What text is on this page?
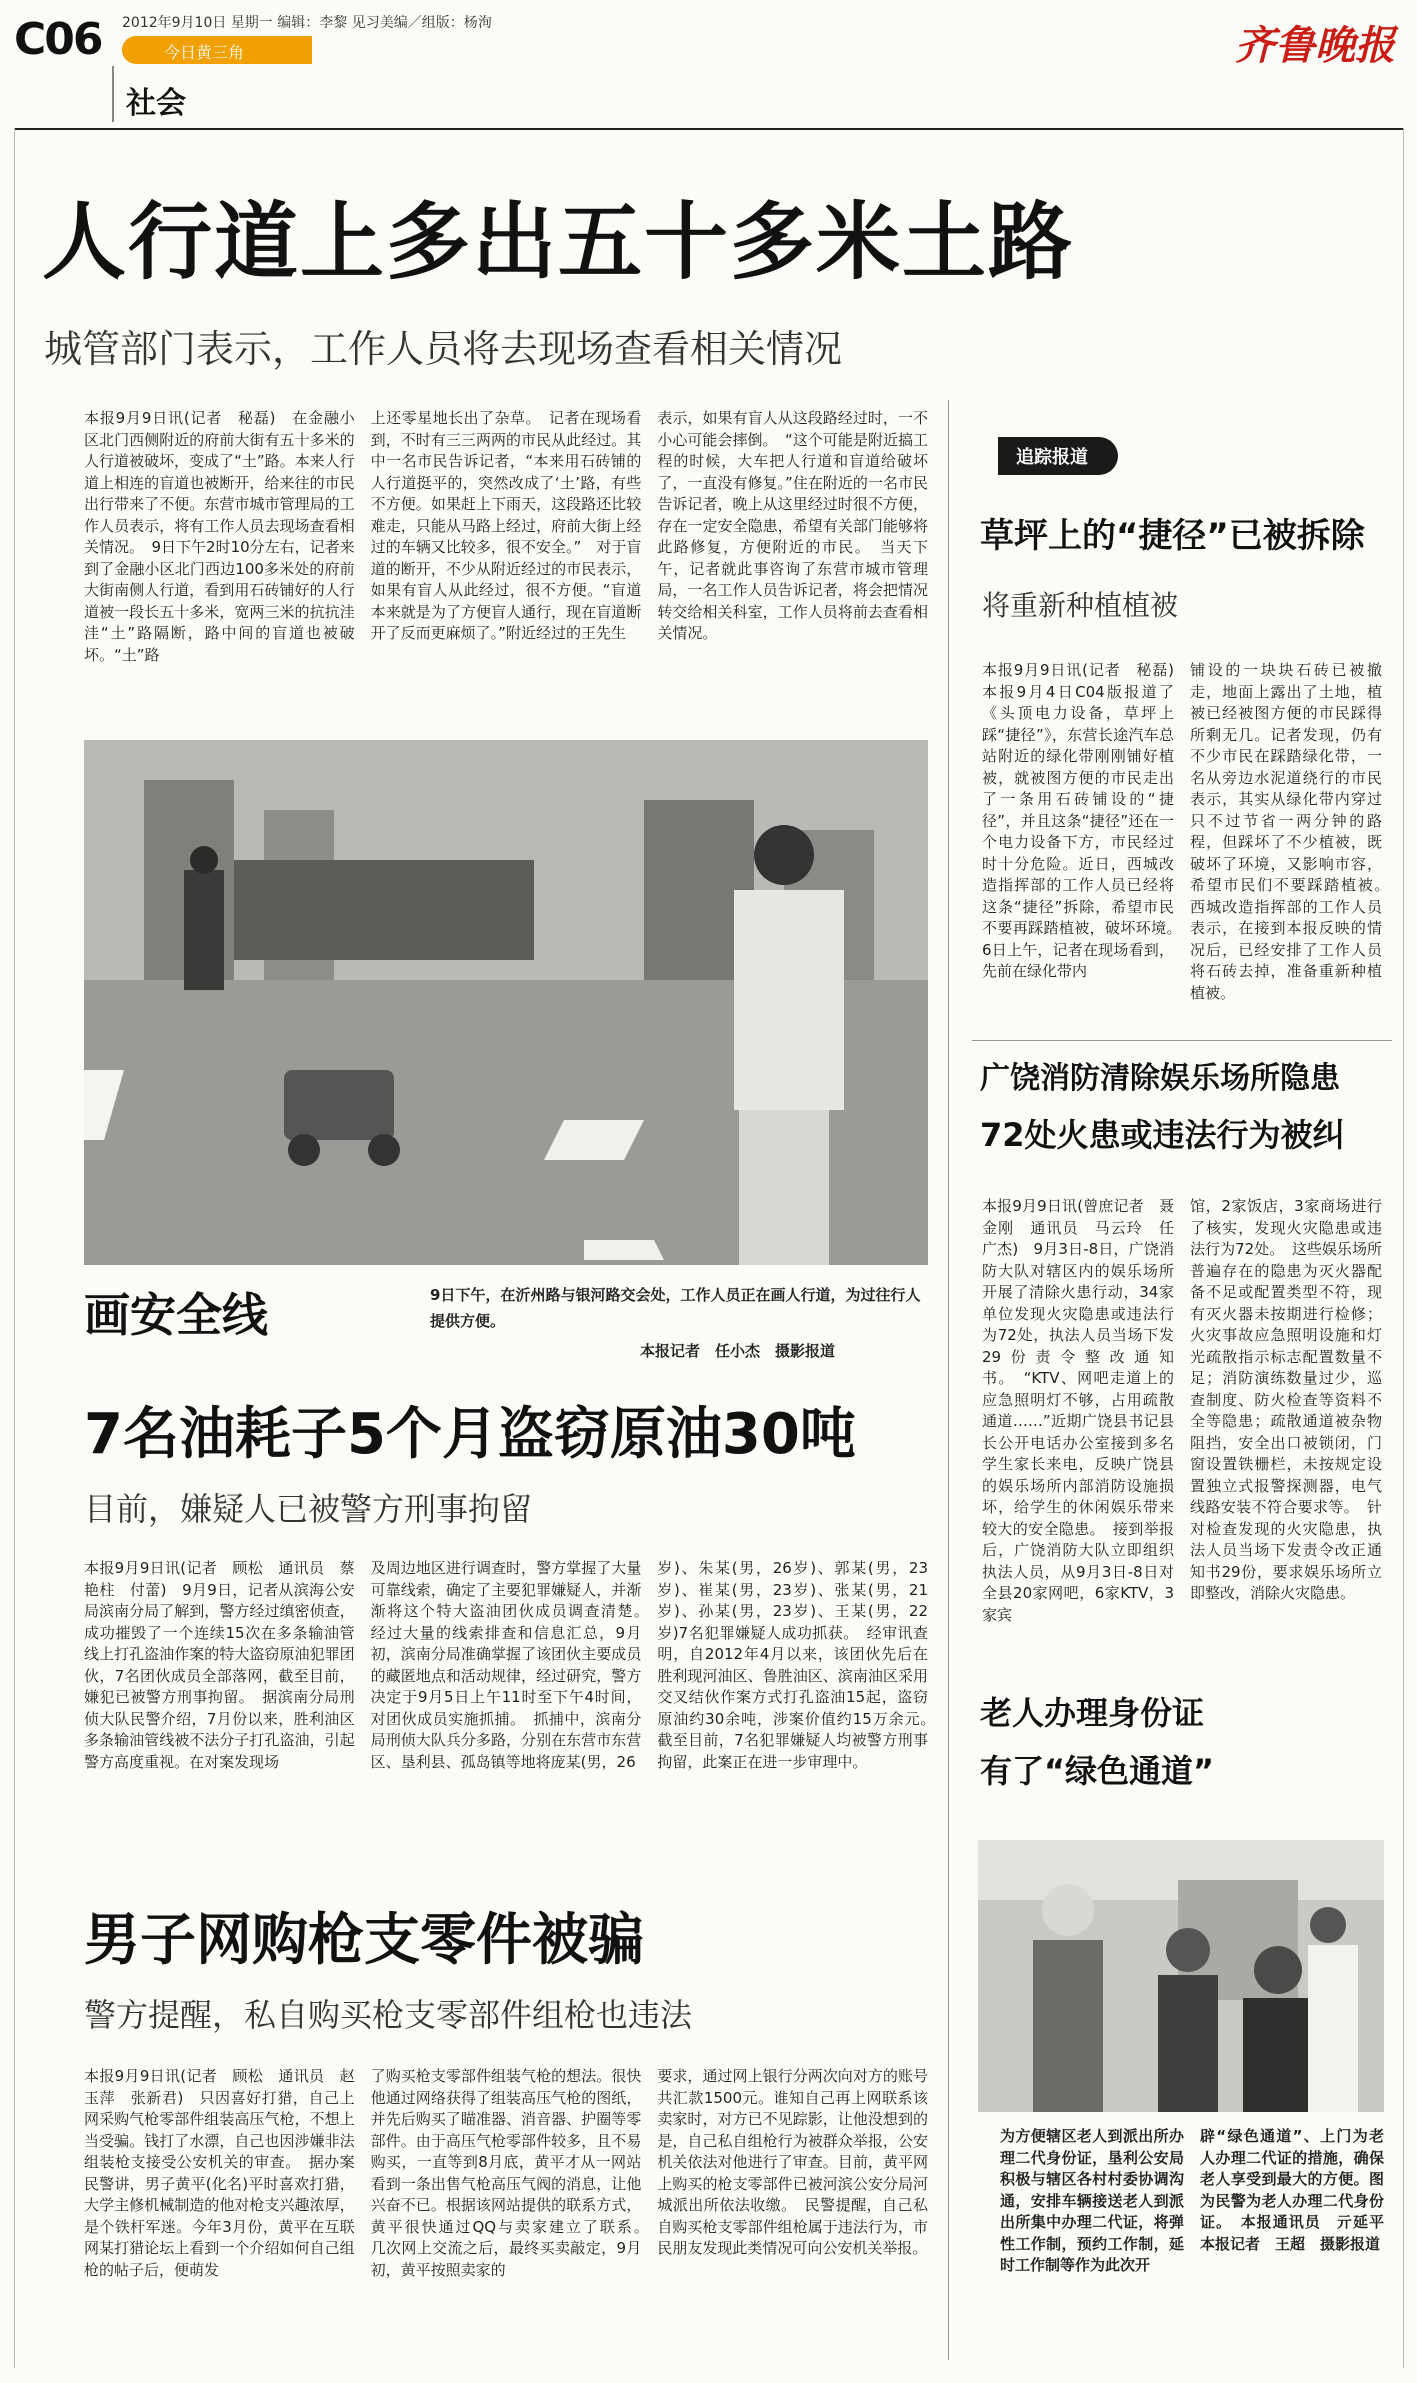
C06 2012年9月10日 星期一 编辑：李黎 见习美编／组版：杨洵
今日黄三角
社会
齐鲁晚报
人行道上多出五十多米土路
城管部门表示，工作人员将去现场查看相关情况
本报9月9日讯(记者　秘磊)　在金融小区北门西侧附近的府前大街有五十多米的人行道被破坏，变成了“土”路。本来人行道上相连的盲道也被断开，给来往的市民出行带来了不便。东营市城市管理局的工作人员表示，将有工作人员去现场查看相关情况。　9日下午2时10分左右，记者来到了金融小区北门西边100多米处的府前大街南侧人行道，看到用石砖铺好的人行道被一段长五十多米，宽两三米的抗抗洼洼“土”路隔断，路中间的盲道也被破坏。“土”路
上还零星地长出了杂草。　记者在现场看到，不时有三三两两的市民从此经过。其中一名市民告诉记者，“本来用石砖铺的人行道挺平的，突然改成了‘土’路，有些不方便。如果赶上下雨天，这段路还比较难走，只能从马路上经过，府前大街上经过的车辆又比较多，很不安全。”　对于盲道的断开，不少从附近经过的市民表示，如果有盲人从此经过，很不方便。“盲道本来就是为了方便盲人通行，现在盲道断开了反而更麻烦了。”附近经过的王先生
表示，如果有盲人从这段路经过时，一不小心可能会摔倒。　“这个可能是附近搞工程的时候，大车把人行道和盲道给破坏了，一直没有修复。”住在附近的一名市民告诉记者，晚上从这里经过时很不方便，存在一定安全隐患，希望有关部门能够将此路修复，方便附近的市民。　当天下午，记者就此事咨询了东营市城市管理局，一名工作人员告诉记者，将会把情况转交给相关科室，工作人员将前去查看相关情况。
画安全线	9日下午，在沂州路与银河路交会处，工作人员正在画人行道，为过往行人提供方便。
本报记者　任小杰　摄影报道
7名油耗子5个月盗窃原油30吨
目前，嫌疑人已被警方刑事拘留
本报9月9日讯(记者　顾松　通讯员　蔡艳柱　付蕾)　9月9日，记者从滨海公安局滨南分局了解到，警方经过缜密侦查，成功摧毁了一个连续15次在多条输油管线上打孔盗油作案的特大盗窃原油犯罪团伙，7名团伙成员全部落网，截至目前，嫌犯已被警方刑事拘留。　据滨南分局刑侦大队民警介绍，7月份以来，胜利油区多条输油管线被不法分子打孔盗油，引起警方高度重视。在对案发现场
及周边地区进行调查时，警方掌握了大量可靠线索，确定了主要犯罪嫌疑人，并渐渐将这个特大盗油团伙成员调查清楚。　经过大量的线索排查和信息汇总，9月初，滨南分局准确掌握了该团伙主要成员的藏匿地点和活动规律，经过研究，警方决定于9月5日上午11时至下午4时间，对团伙成员实施抓捕。　抓捕中，滨南分局刑侦大队兵分多路，分别在东营市东营区、垦利县、孤岛镇等地将庞某(男，26
岁)、朱某(男，26岁)、郭某(男，23岁)、崔某(男，23岁)、张某(男，21岁)、孙某(男，23岁)、王某(男，22岁)7名犯罪嫌疑人成功抓获。　经审讯查明，自2012年4月以来，该团伙先后在胜利现河油区、鲁胜油区、滨南油区采用交叉结伙作案方式打孔盗油15起，盗窃原油约30余吨，涉案价值约15万余元。　截至目前，7名犯罪嫌疑人均被警方刑事拘留，此案正在进一步审理中。
男子网购枪支零件被骗
警方提醒，私自购买枪支零部件组枪也违法
本报9月9日讯(记者　顾松　通讯员　赵玉萍　张新君)　只因喜好打猎，自己上网采购气枪零部件组装高压气枪，不想上当受骗。钱打了水漂，自己也因涉嫌非法组装枪支接受公安机关的审查。　据办案民警讲，男子黄平(化名)平时喜欢打猎，大学主修机械制造的他对枪支兴趣浓厚，是个铁杆军迷。今年3月份，黄平在互联网某打猎论坛上看到一个介绍如何自己组枪的帖子后，便萌发
了购买枪支零部件组装气枪的想法。很快他通过网络获得了组装高压气枪的图纸，并先后购买了瞄准器、消音器、护圈等零部件。由于高压气枪零部件较多，且不易购买，一直等到8月底，黄平才从一网站看到一条出售气枪高压气阀的消息，让他兴奋不已。根据该网站提供的联系方式，黄平很快通过QQ与卖家建立了联系。　几次网上交流之后，最终买卖敲定，9月初，黄平按照卖家的
要求，通过网上银行分两次向对方的账号共汇款1500元。谁知自己再上网联系该卖家时，对方已不见踪影，让他没想到的是，自己私自组枪行为被群众举报，公安机关依法对他进行了审查。目前，黄平网上购买的枪支零部件已被河滨公安分局河城派出所依法收缴。　民警提醒，自己私自购买枪支零部件组枪属于违法行为，市民朋友发现此类情况可向公安机关举报。
追踪报道
草坪上的“捷径”已被拆除
将重新种植植被
本报9月9日讯(记者　秘磊)　本报9月4日C04版报道了《头顶电力设备，草坪上踩“捷径”》，东营长途汽车总站附近的绿化带刚刚铺好植被，就被图方便的市民走出了一条用石砖铺设的“捷径”，并且这条“捷径”还在一个电力设备下方，市民经过时十分危险。近日，西城改造指挥部的工作人员已经将这条“捷径”拆除，希望市民不要再踩踏植被，破坏环境。　6日上午，记者在现场看到，先前在绿化带内
铺设的一块块石砖已被撤走，地面上露出了土地，植被已经被图方便的市民踩得所剩无几。记者发现，仍有不少市民在踩踏绿化带，一名从旁边水泥道绕行的市民表示，其实从绿化带内穿过只不过节省一两分钟的路程，但踩坏了不少植被，既破坏了环境，又影响市容，希望市民们不要踩踏植被。　西城改造指挥部的工作人员表示，在接到本报反映的情况后，已经安排了工作人员将石砖去掉，准备重新种植植被。
广饶消防清除娱乐场所隐患
72处火患或违法行为被纠
本报9月9日讯(曾庶记者　聂金刚　通讯员　马云玲　任广杰)　9月3日-8日，广饶消防大队对辖区内的娱乐场所开展了清除火患行动，34家单位发现火灾隐患或违法行为72处，执法人员当场下发29份责令整改通知书。　“KTV、网吧走道上的应急照明灯不够，占用疏散通道……”近期广饶县书记县长公开电话办公室接到多名学生家长来电，反映广饶县的娱乐场所内部消防设施损坏，给学生的休闲娱乐带来较大的安全隐患。　接到举报后，广饶消防大队立即组织执法人员，从9月3日-8日对全县20家网吧，6家KTV，3家宾
馆，2家饭店，3家商场进行了核实，发现火灾隐患或违法行为72处。　这些娱乐场所普遍存在的隐患为灭火器配备不足或配置类型不符，现有灭火器未按期进行检修；火灾事故应急照明设施和灯光疏散指示标志配置数量不足；消防演练数量过少，巡查制度、防火检查等资料不全等隐患；疏散通道被杂物阻挡，安全出口被锁闭，门窗设置铁栅栏，未按规定设置独立式报警探测器，电气线路安装不符合要求等。　针对检查发现的火灾隐患，执法人员当场下发责令改正通知书29份，要求娱乐场所立即整改，消除火灾隐患。
老人办理身份证
有了“绿色通道”
为方便辖区老人到派出所办理二代身份证，垦利公安局积极与辖区各村村委协调沟通，安排车辆接送老人到派出所集中办理二代证，将弹性工作制，预约工作制，延时工作制等作为此次开
辟“绿色通道”、上门为老人办理二代证的措施，确保老人享受到最大的方便。图为民警为老人办理二代身份证。　本报通讯员　亓延平　本报记者　王超　摄影报道
